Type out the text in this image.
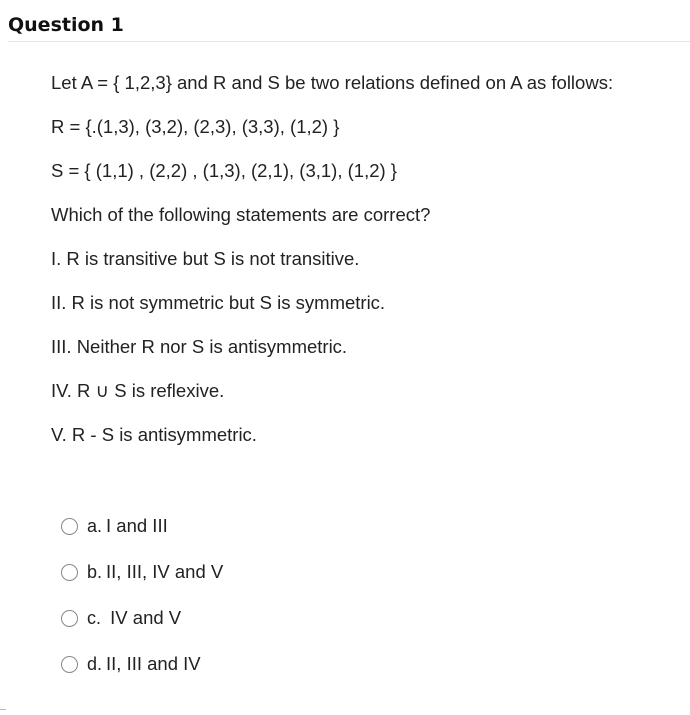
Question 1
Let A = { 1,2,3} and R and S be two relations defined on A as follows:
R = {.(1,3), (3,2), (2,3), (3,3), (1,2) }
S = { (1,1) , (2,2) , (1,3), (2,1), (3,1), (1,2) }
Which of the following statements are correct?
I. R is transitive but S is not transitive.
II. R is not symmetric but S is symmetric.
III. Neither R nor S is antisymmetric.
IV. R ∪ S is reflexive.
V. R - S is antisymmetric.
a. I and III
b. II, III, IV and V
c. IV and V
d. II, III and IV
